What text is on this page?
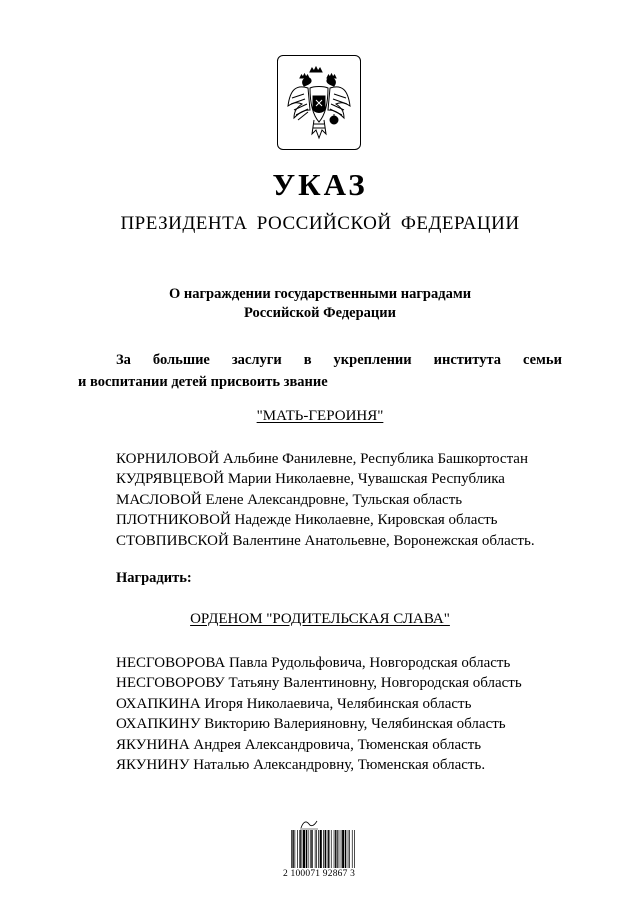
УКАЗ
ПРЕЗИДЕНТА РОССИЙСКОЙ ФЕДЕРАЦИИ
О награждении государственными наградами
Российской Федерации
За большие заслуги в укреплении института семьи
и воспитании детей присвоить звание
"МАТЬ-ГЕРОИНЯ"
КОРНИЛОВОЙ Альбине Фанилевне, Республика Башкортостан
КУДРЯВЦЕВОЙ Марии Николаевне, Чувашская Республика
МАСЛОВОЙ Елене Александровне, Тульская область
ПЛОТНИКОВОЙ Надежде Николаевне, Кировская область
СТОВПИВСКОЙ Валентине Анатольевне, Воронежская область.
Наградить:
ОРДЕНОМ "РОДИТЕЛЬСКАЯ СЛАВА"
НЕСГОВОРОВА Павла Рудольфовича, Новгородская область
НЕСГОВОРОВУ Татьяну Валентиновну, Новгородская область
ОХАПКИНА Игоря Николаевича, Челябинская область
ОХАПКИНУ Викторию Валерияновну, Челябинская область
ЯКУНИНА Андрея Александровича, Тюменская область
ЯКУНИНУ Наталью Александровну, Тюменская область.
2 100071 92867 3
